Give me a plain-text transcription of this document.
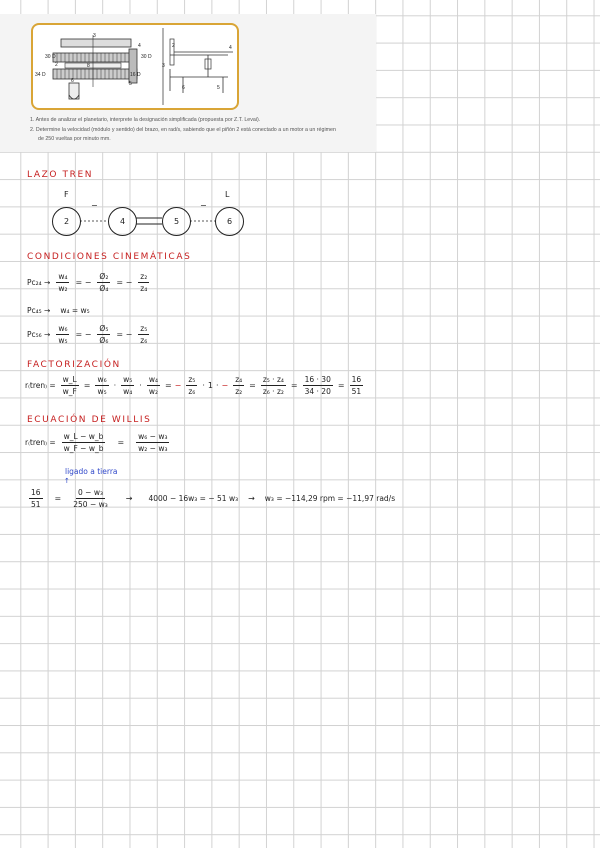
3
4
30 D	30 D
2	8
34 D	16 D
6	5
2	4
3
6	5
1. Antes de analizar el planetario, interprete la designación simplificada (propuesta por Z.T. Levai).
2. Determine la velocidad (módulo y sentido) del brazo, en rad/s, sabiendo que el piñón 2 está conectado a un motor a un régimen
de 250 vueltas por minuto mm.
LAZO TREN
F	L
2	4	5	6
−	−
CONDICIONES CINEMÁTICAS
$Pc_{24} \to \frac{\text{w₄}}{\text{w₂}}$ = − $\frac{\text{Ø₂}}{\text{Ø₄}}$ = − $\frac{\text{z₂}}{\text{z₄}}$
Pc₄₅ → w₄ = w₅
$Pc_{56} \to \frac{\text{w₆}}{\text{w₅}}$ = − $\frac{\text{Ø₅}}{\text{Ø₆}}$ = − $\frac{\text{z₅}}{\text{z₆}}$
FACTORIZACIÓN
r₍tren₎ = $\frac{w\_L}{w\_F} = \frac{\text{w₆}}{\text{w₅}} \cdot \frac{\text{w₅}}{\text{w₄}} \cdot \frac{\text{w₄}}{\text{w₂}}$ = − $\frac{\text{z₅}}{\text{z₆}} \cdot 1$ · − $\frac{\text{z₄}}{\text{z₂}} = \frac{\text{z₅ · z₄}}{\text{z₆ · z₂}} = \frac{16 \cdot 30}{34 \cdot 20} = \frac{16}{51}$
ECUACIÓN DE WILLIS
r₍tren₎ = $\frac{w\_L - w\_b}{w\_F - w\_b} = \frac{\text{w₆ − w₃}}{\text{w₂ − w₃}}$
ligado a tierra
↑
$\frac{16}{51} = \frac{\text{0 − w₃}}{\text{250 − w₃}} \to 4000 - 16w_3$ = − 51 w₃ → w₃ = −114,29 rpm = −11,97 rad/s
